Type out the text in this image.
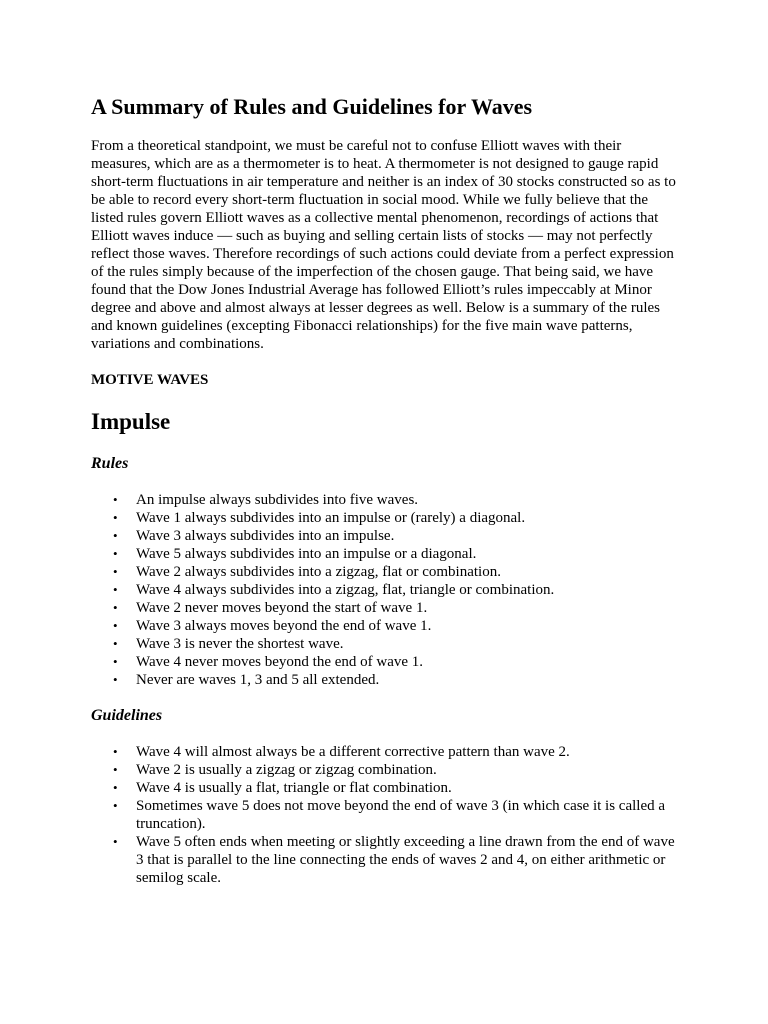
A Summary of Rules and Guidelines for Waves

From a theoretical standpoint, we must be careful not to confuse Elliott waves with their measures, which are as a thermometer is to heat. A thermometer is not designed to gauge rapid short-term fluctuations in air temperature and neither is an index of 30 stocks constructed so as to be able to record every short-term fluctuation in social mood. While we fully believe that the listed rules govern Elliott waves as a collective mental phenomenon, recordings of actions that Elliott waves induce — such as buying and selling certain lists of stocks — may not perfectly reflect those waves. Therefore recordings of such actions could deviate from a perfect expression of the rules simply because of the imperfection of the chosen gauge. That being said, we have found that the Dow Jones Industrial Average has followed Elliott’s rules impeccably at Minor degree and above and almost always at lesser degrees as well. Below is a summary of the rules and known guidelines (excepting Fibonacci relationships) for the five main wave patterns, variations and combinations.

MOTIVE WAVES
Impulse
Rules
• An impulse always subdivides into five waves.
• Wave 1 always subdivides into an impulse or (rarely) a diagonal.
• Wave 3 always subdivides into an impulse.
• Wave 5 always subdivides into an impulse or a diagonal.
• Wave 2 always subdivides into a zigzag, flat or combination.
• Wave 4 always subdivides into a zigzag, flat, triangle or combination.
• Wave 2 never moves beyond the start of wave 1.
• Wave 3 always moves beyond the end of wave 1.
• Wave 3 is never the shortest wave.
• Wave 4 never moves beyond the end of wave 1.
• Never are waves 1, 3 and 5 all extended.
Guidelines
• Wave 4 will almost always be a different corrective pattern than wave 2.
• Wave 2 is usually a zigzag or zigzag combination.
• Wave 4 is usually a flat, triangle or flat combination.
• Sometimes wave 5 does not move beyond the end of wave 3 (in which case it is called a truncation).
• Wave 5 often ends when meeting or slightly exceeding a line drawn from the end of wave 3 that is parallel to the line connecting the ends of waves 2 and 4, on either arithmetic or semilog scale.
